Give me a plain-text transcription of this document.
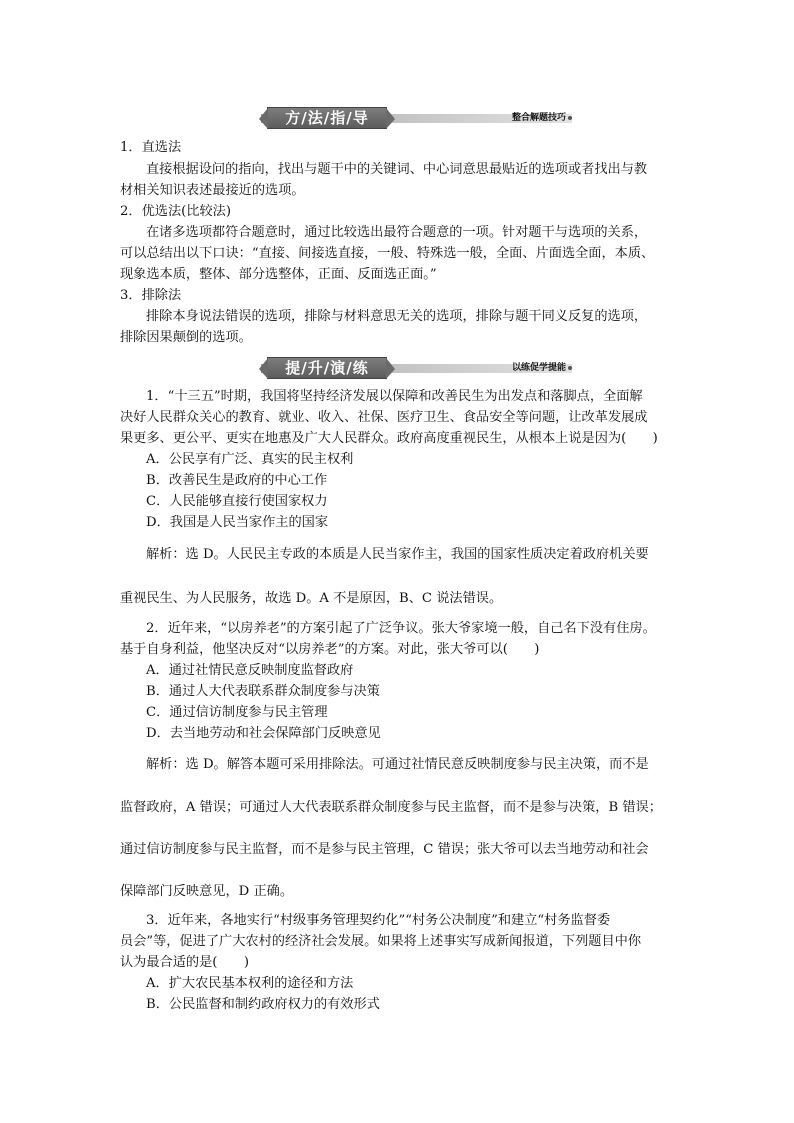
方/法/指/导	整合解题技巧
1．直选法
直接根据设问的指向，找出与题干中的关键词、中心词意思最贴近的选项或者找出与教
材相关知识表述最接近的选项。
2．优选法(比较法)
在诸多选项都符合题意时，通过比较选出最符合题意的一项。针对题干与选项的关系，
可以总结出以下口诀：“直接、间接选直接，一般、特殊选一般，全面、片面选全面，本质、
现象选本质，整体、部分选整体，正面、反面选正面。”
3．排除法
排除本身说法错误的选项，排除与材料意思无关的选项，排除与题干同义反复的选项，
排除因果颠倒的选项。
提/升/演/练	以练促学提能
1．“十三五”时期，我国将坚持经济发展以保障和改善民生为出发点和落脚点，全面解
决好人民群众关心的教育、就业、收入、社保、医疗卫生、食品安全等问题，让改革发展成
果更多、更公平、更实在地惠及广大人民群众。政府高度重视民生，从根本上说是因为(　　)
A．公民享有广泛、真实的民主权利
B．改善民生是政府的中心工作
C．人民能够直接行使国家权力
D．我国是人民当家作主的国家
解析：选 D。人民民主专政的本质是人民当家作主，我国的国家性质决定着政府机关要
重视民生、为人民服务，故选 D。A 不是原因，B、C 说法错误。
2．近年来，“以房养老”的方案引起了广泛争议。张大爷家境一般，自己名下没有住房。
基于自身利益，他坚决反对“以房养老”的方案。对此，张大爷可以(　　)
A．通过社情民意反映制度监督政府
B．通过人大代表联系群众制度参与决策
C．通过信访制度参与民主管理
D．去当地劳动和社会保障部门反映意见
解析：选 D。解答本题可采用排除法。可通过社情民意反映制度参与民主决策，而不是
监督政府，A 错误；可通过人大代表联系群众制度参与民主监督，而不是参与决策，B 错误；
通过信访制度参与民主监督，而不是参与民主管理，C 错误；张大爷可以去当地劳动和社会
保障部门反映意见，D 正确。
3．近年来，各地实行“村级事务管理契约化”“村务公决制度”和建立“村务监督委
员会”等，促进了广大农村的经济社会发展。如果将上述事实写成新闻报道，下列题目中你
认为最合适的是(　　)
A．扩大农民基本权利的途径和方法
B．公民监督和制约政府权力的有效形式
